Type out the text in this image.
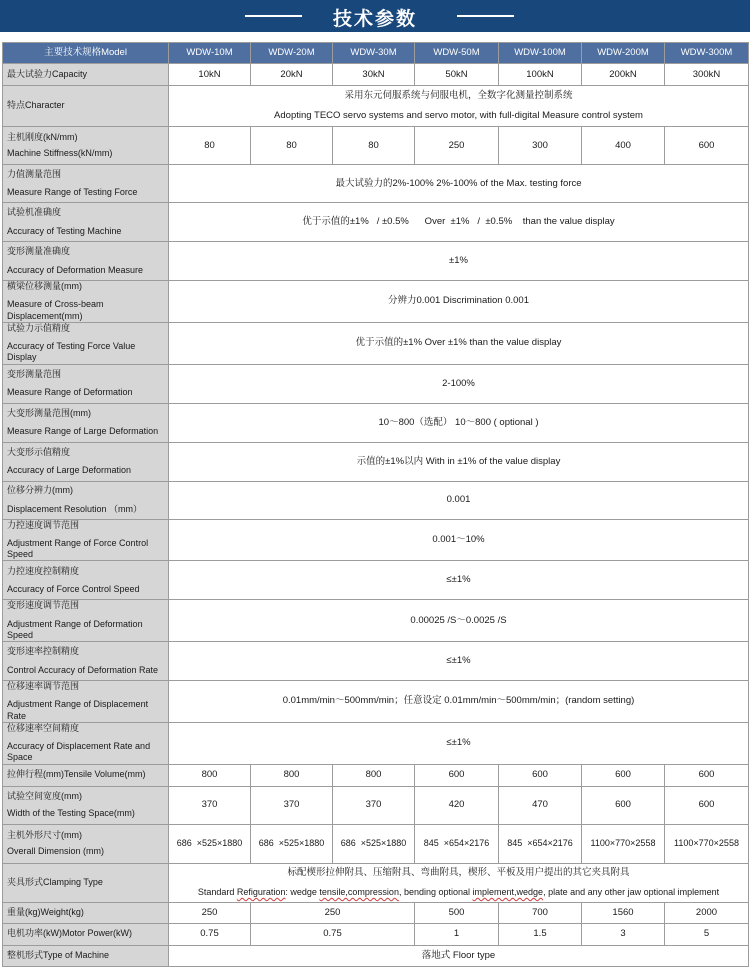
技术参数
主要技术规格Model	WDW-10M	WDW-20M	WDW-30M	WDW-50M	WDW-100M	WDW-200M	WDW-300M
最大试验力Capacity	10kN	20kN	30kN	50kN	100kN	200kN	300kN
特点Character	采用东元伺服系统与伺服电机，全数字化测量控制系统
Adopting TECO servo systems and servo motor, with full-digital Measure control system						

主机刚度(kN/mm)
Machine Stiffness(kN/mm)	80	80	80	250	300	400	600

力值测量范围
Measure Range of Testing Force	最大试验力的2%-100% 2%-100% of the Max. testing force						

试验机准确度
Accuracy of Testing Machine	优于示值的±1%   / ±0.5%      Over  ±1%   /  ±0.5%    than the value display						

变形测量准确度
Accuracy of Deformation Measure	±1%						

横梁位移测量(mm)
Measure of Cross-beam Displacement(mm)	分辨力0.001 Discrimination 0.001						

试验力示值精度
Accuracy of Testing Force Value Display	优于示值的±1% Over ±1% than the value display						

变形测量范围
Measure Range of Deformation	2-100%						

大变形测量范围(mm)
Measure Range of Large Deformation	10～800（选配） 10～800 ( optional )						

大变形示值精度
Accuracy of Large Deformation	示值的±1%以内 With in ±1% of the value display						

位移分辨力(mm)
Displacement Resolution （mm）	0.001						

力控速度调节范围
Adjustment Range of Force Control Speed	0.001～10%						

力控速度控制精度
Accuracy of Force Control Speed	≤±1%						

变形速度调节范围
Adjustment Range of Deformation Speed	0.00025 /S～0.0025 /S						

变形速率控制精度
Control Accuracy of Deformation Rate	≤±1%						

位移速率调节范围
Adjustment Range of Displacement Rate	0.01mm/min～500mm/min；任意设定 0.01mm/min～500mm/min；(random setting)						

位移速率空间精度
Accuracy of Displacement Rate and Space	≤±1%						
拉伸行程(mm)Tensile Volume(mm)	800	800	800	600	600	600	600

试验空间宽度(mm)
Width of the Testing Space(mm)	370	370	370	420	470	600	600

主机外形尺寸(mm)
Overall Dimension (mm)	686  ×525×1880	686  ×525×1880	686  ×525×1880	845  ×654×2176	845  ×654×2176	1100×770×2558	1100×770×2558
夹具形式Clamping Type	标配楔形拉伸附具、压缩附具、弯曲附具，楔形、平板及用户提出的其它夹具附具
Standard Refiguration: wedge tensile,compression, bending optional implement,wedge, plate and any other jaw optional implement						

重量(kg)Weight(kg)	250	250		500	700	1560	2000
电机功率(kW)Motor Power(kW)	0.75	0.75		1	1.5	3	5
整机形式Type of Machine	落地式 Floor type						
